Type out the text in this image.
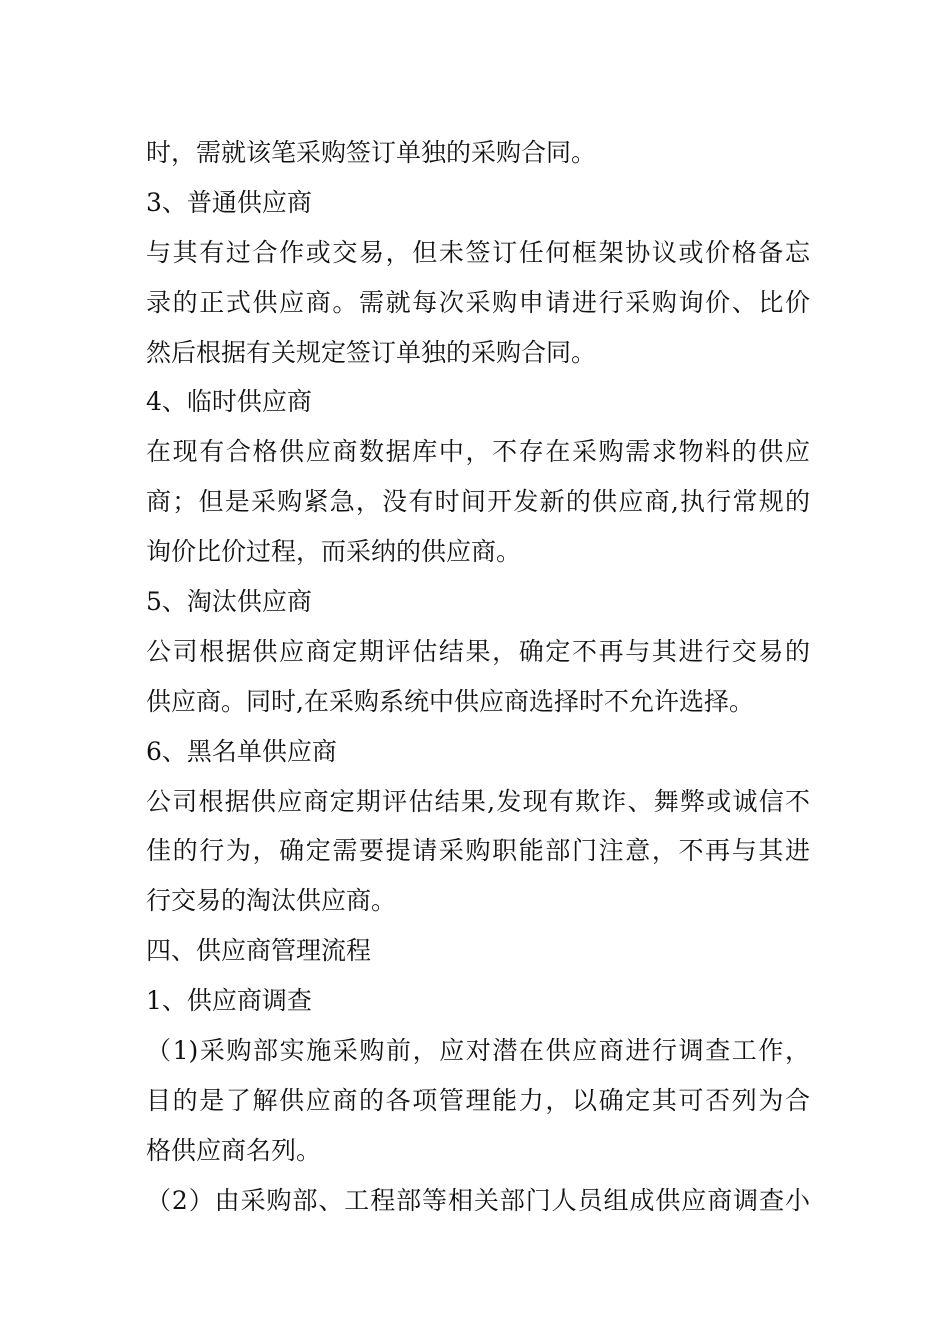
时，需就该笔采购签订单独的采购合同。
3、普通供应商
与其有过合作或交易，但未签订任何框架协议或价格备忘
录的正式供应商。需就每次采购申请进行采购询价、比价
然后根据有关规定签订单独的采购合同。
4、临时供应商
在现有合格供应商数据库中，不存在采购需求物料的供应
商；但是采购紧急，没有时间开发新的供应商,执行常规的
询价比价过程，而采纳的供应商。
5、淘汰供应商
公司根据供应商定期评估结果，确定不再与其进行交易的
供应商。同时,在采购系统中供应商选择时不允许选择。
6、黑名单供应商
公司根据供应商定期评估结果,发现有欺诈、舞弊或诚信不
佳的行为，确定需要提请采购职能部门注意，不再与其进
行交易的淘汰供应商。
四、供应商管理流程
1、供应商调查
（1)采购部实施采购前，应对潜在供应商进行调查工作，
目的是了解供应商的各项管理能力，以确定其可否列为合
格供应商名列。
（2）由采购部、工程部等相关部门人员组成供应商调查小
